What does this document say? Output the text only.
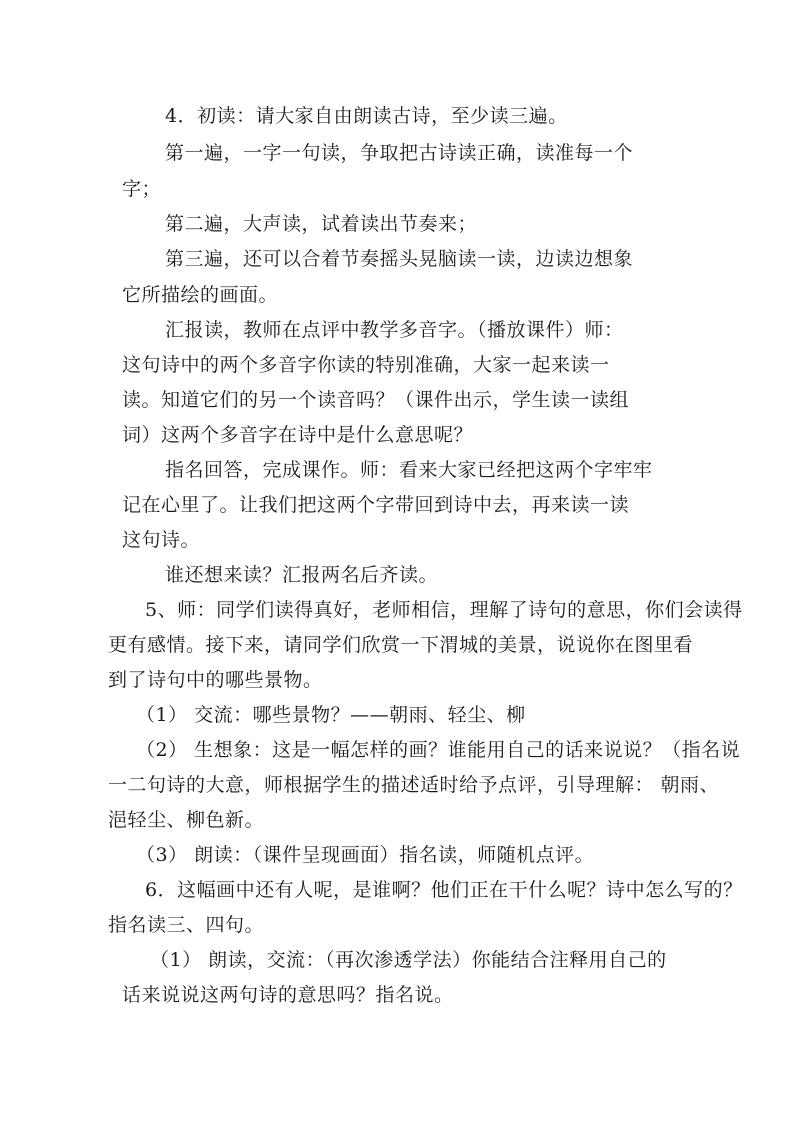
4．初读：请大家自由朗读古诗，至少读三遍。
第一遍，一字一句读，争取把古诗读正确，读准每一个
字；
第二遍，大声读，试着读出节奏来；
第三遍，还可以合着节奏摇头晃脑读一读，边读边想象
它所描绘的画面。
汇报读，教师在点评中教学多音字。（播放课件）师：
这句诗中的两个多音字你读的特别准确，大家一起来读一
读。知道它们的另一个读音吗？（课件出示，学生读一读组
词）这两个多音字在诗中是什么意思呢？
指名回答，完成课作。师：看来大家已经把这两个字牢牢
记在心里了。让我们把这两个字带回到诗中去，再来读一读
这句诗。
谁还想来读？汇报两名后齐读。
5、师：同学们读得真好，老师相信，理解了诗句的意思，你们会读得
更有感情。接下来，请同学们欣赏一下渭城的美景，说说你在图里看
到了诗句中的哪些景物。
（1） 交流：哪些景物？——朝雨、轻尘、柳
（2） 生想象：这是一幅怎样的画？谁能用自己的话来说说？（指名说
一二句诗的大意，师根据学生的描述适时给予点评，引导理解： 朝雨、
浥轻尘、柳色新。
（3） 朗读：（课件呈现画面）指名读，师随机点评。
6．这幅画中还有人呢，是谁啊？他们正在干什么呢？诗中怎么写的？
指名读三、四句。
（1） 朗读，交流：（再次渗透学法）你能结合注释用自己的
话来说说这两句诗的意思吗？指名说。
